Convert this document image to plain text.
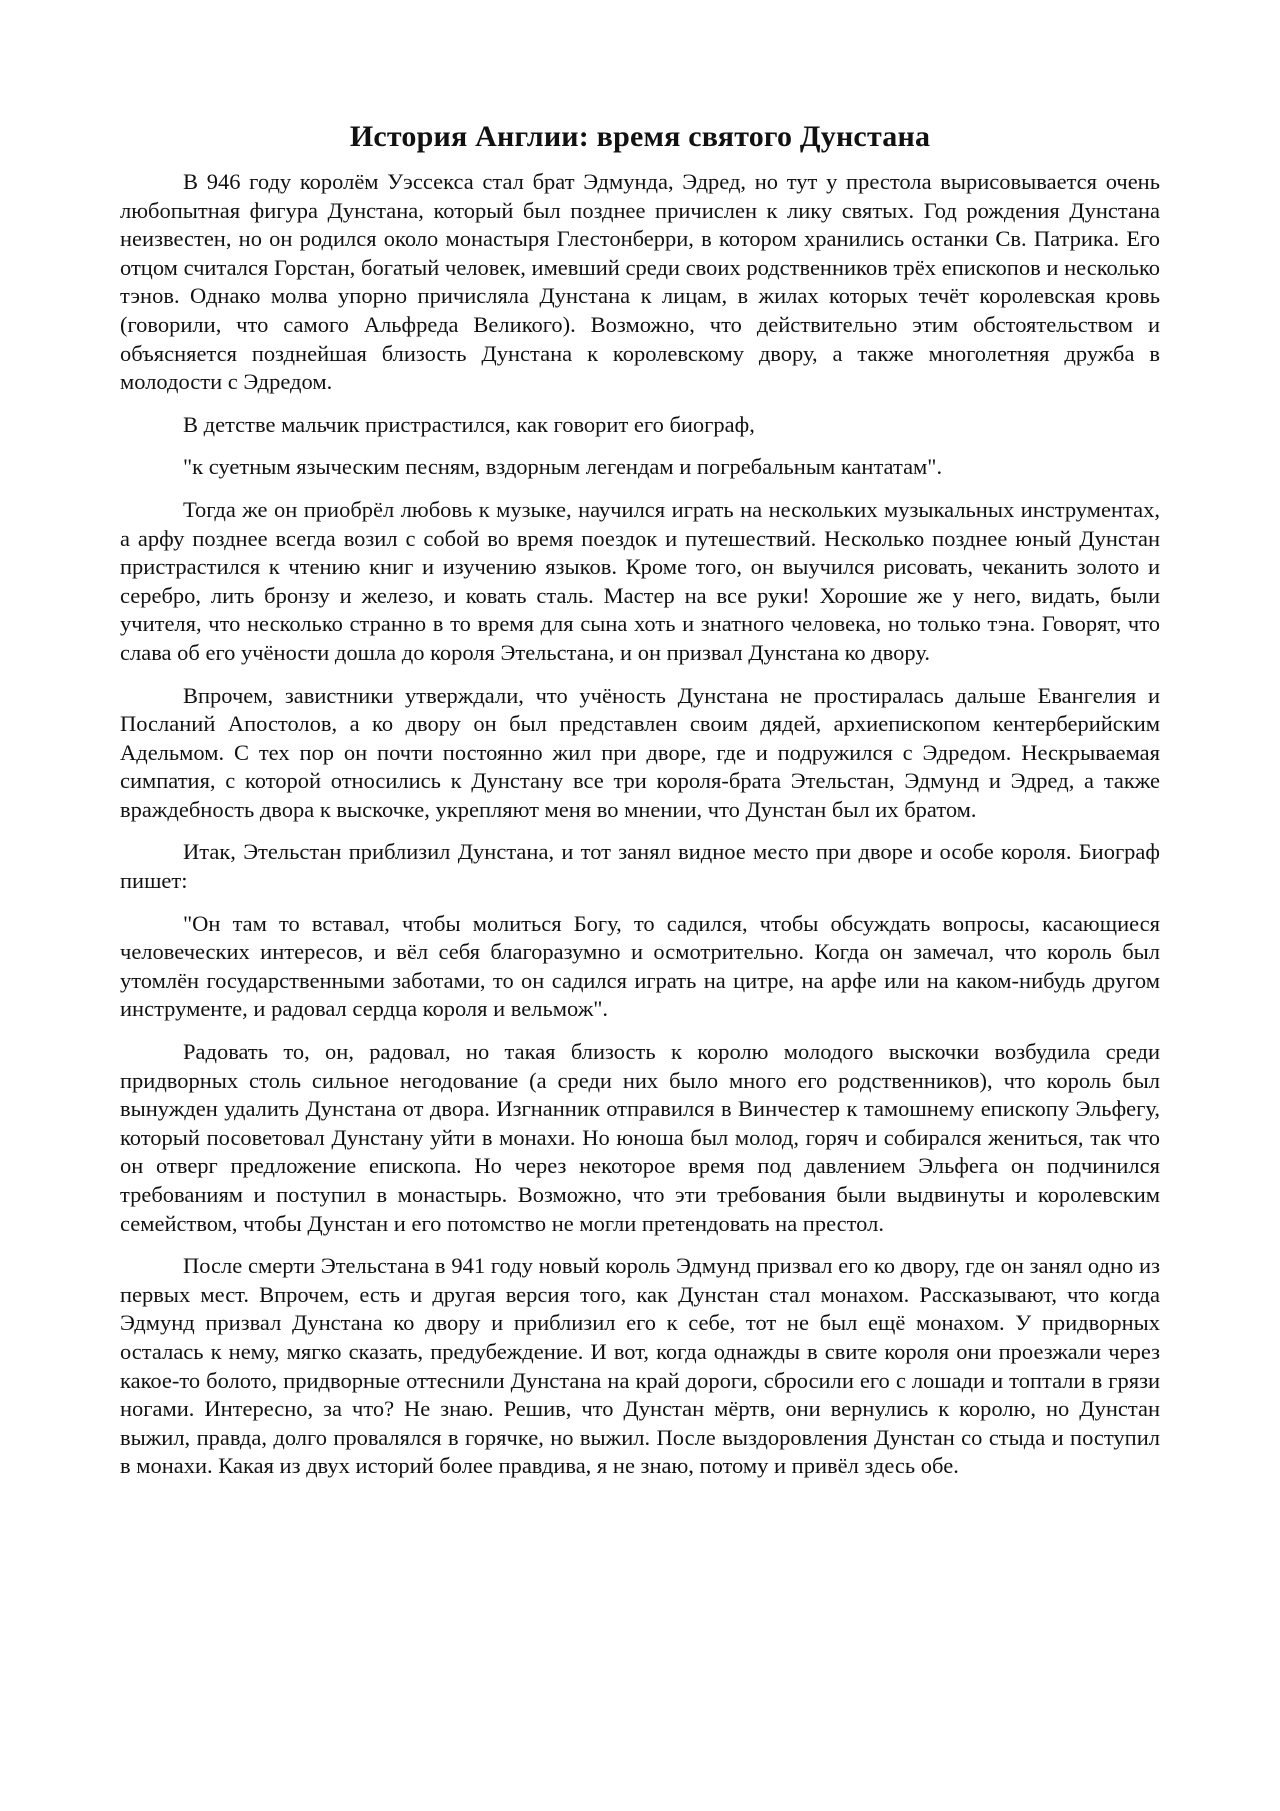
История Англии: время святого Дунстана

В 946 году королём Уэссекса стал брат Эдмунда, Эдред, но тут у престола вырисовывается очень любопытная фигура Дунстана, который был позднее причислен к лику святых. Год рождения Дунстана неизвестен, но он родился около монастыря Глестонберри, в котором хранились останки Св. Патрика. Его отцом считался Горстан, богатый человек, имевший среди своих родственников трёх епископов и несколько тэнов. Однако молва упорно причисляла Дунстана к лицам, в жилах которых течёт королевская кровь (говорили, что самого Альфреда Великого). Возможно, что действительно этим обстоятельством и объясняется позднейшая близость Дунстана к королевскому двору, а также многолетняя дружба в молодости с Эдредом.

В детстве мальчик пристрастился, как говорит его биограф,

"к суетным языческим песням, вздорным легендам и погребальным кантатам".

Тогда же он приобрёл любовь к музыке, научился играть на нескольких музыкальных инструментах, а арфу позднее всегда возил с собой во время поездок и путешествий. Несколько позднее юный Дунстан пристрастился к чтению книг и изучению языков. Кроме того, он выучился рисовать, чеканить золото и серебро, лить бронзу и железо, и ковать сталь. Мастер на все руки! Хорошие же у него, видать, были учителя, что несколько странно в то время для сына хоть и знатного человека, но только тэна. Говорят, что слава об его учёности дошла до короля Этельстана, и он призвал Дунстана ко двору.

Впрочем, завистники утверждали, что учёность Дунстана не простиралась дальше Евангелия и Посланий Апостолов, а ко двору он был представлен своим дядей, архиепископом кентерберийским Адельмом. С тех пор он почти постоянно жил при дворе, где и подружился с Эдредом. Нескрываемая симпатия, с которой относились к Дунстану все три короля-брата Этельстан, Эдмунд и Эдред, а также враждебность двора к выскочке, укрепляют меня во мнении, что Дунстан был их братом.

Итак, Этельстан приблизил Дунстана, и тот занял видное место при дворе и особе короля. Биограф пишет:

"Он там то вставал, чтобы молиться Богу, то садился, чтобы обсуждать вопросы, касающиеся человеческих интересов, и вёл себя благоразумно и осмотрительно. Когда он замечал, что король был утомлён государственными заботами, то он садился играть на цитре, на арфе или на каком-нибудь другом инструменте, и радовал сердца короля и вельмож".

Радовать то, он, радовал, но такая близость к королю молодого выскочки возбудила среди придворных столь сильное негодование (а среди них было много его родственников), что король был вынужден удалить Дунстана от двора. Изгнанник отправился в Винчестер к тамошнему епископу Эльфегу, который посоветовал Дунстану уйти в монахи. Но юноша был молод, горяч и собирался жениться, так что он отверг предложение епископа. Но через некоторое время под давлением Эльфега он подчинился требованиям и поступил в монастырь. Возможно, что эти требования были выдвинуты и королевским семейством, чтобы Дунстан и его потомство не могли претендовать на престол.

После смерти Этельстана в 941 году новый король Эдмунд призвал его ко двору, где он занял одно из первых мест. Впрочем, есть и другая версия того, как Дунстан стал монахом. Рассказывают, что когда Эдмунд призвал Дунстана ко двору и приблизил его к себе, тот не был ещё монахом. У придворных осталась к нему, мягко сказать, предубеждение. И вот, когда однажды в свите короля они проезжали через какое-то болото, придворные оттеснили Дунстана на край дороги, сбросили его с лошади и топтали в грязи ногами. Интересно, за что? Не знаю. Решив, что Дунстан мёртв, они вернулись к королю, но Дунстан выжил, правда, долго провалялся в горячке, но выжил. После выздоровления Дунстан со стыда и поступил в монахи. Какая из двух историй более правдива, я не знаю, потому и привёл здесь обе.
